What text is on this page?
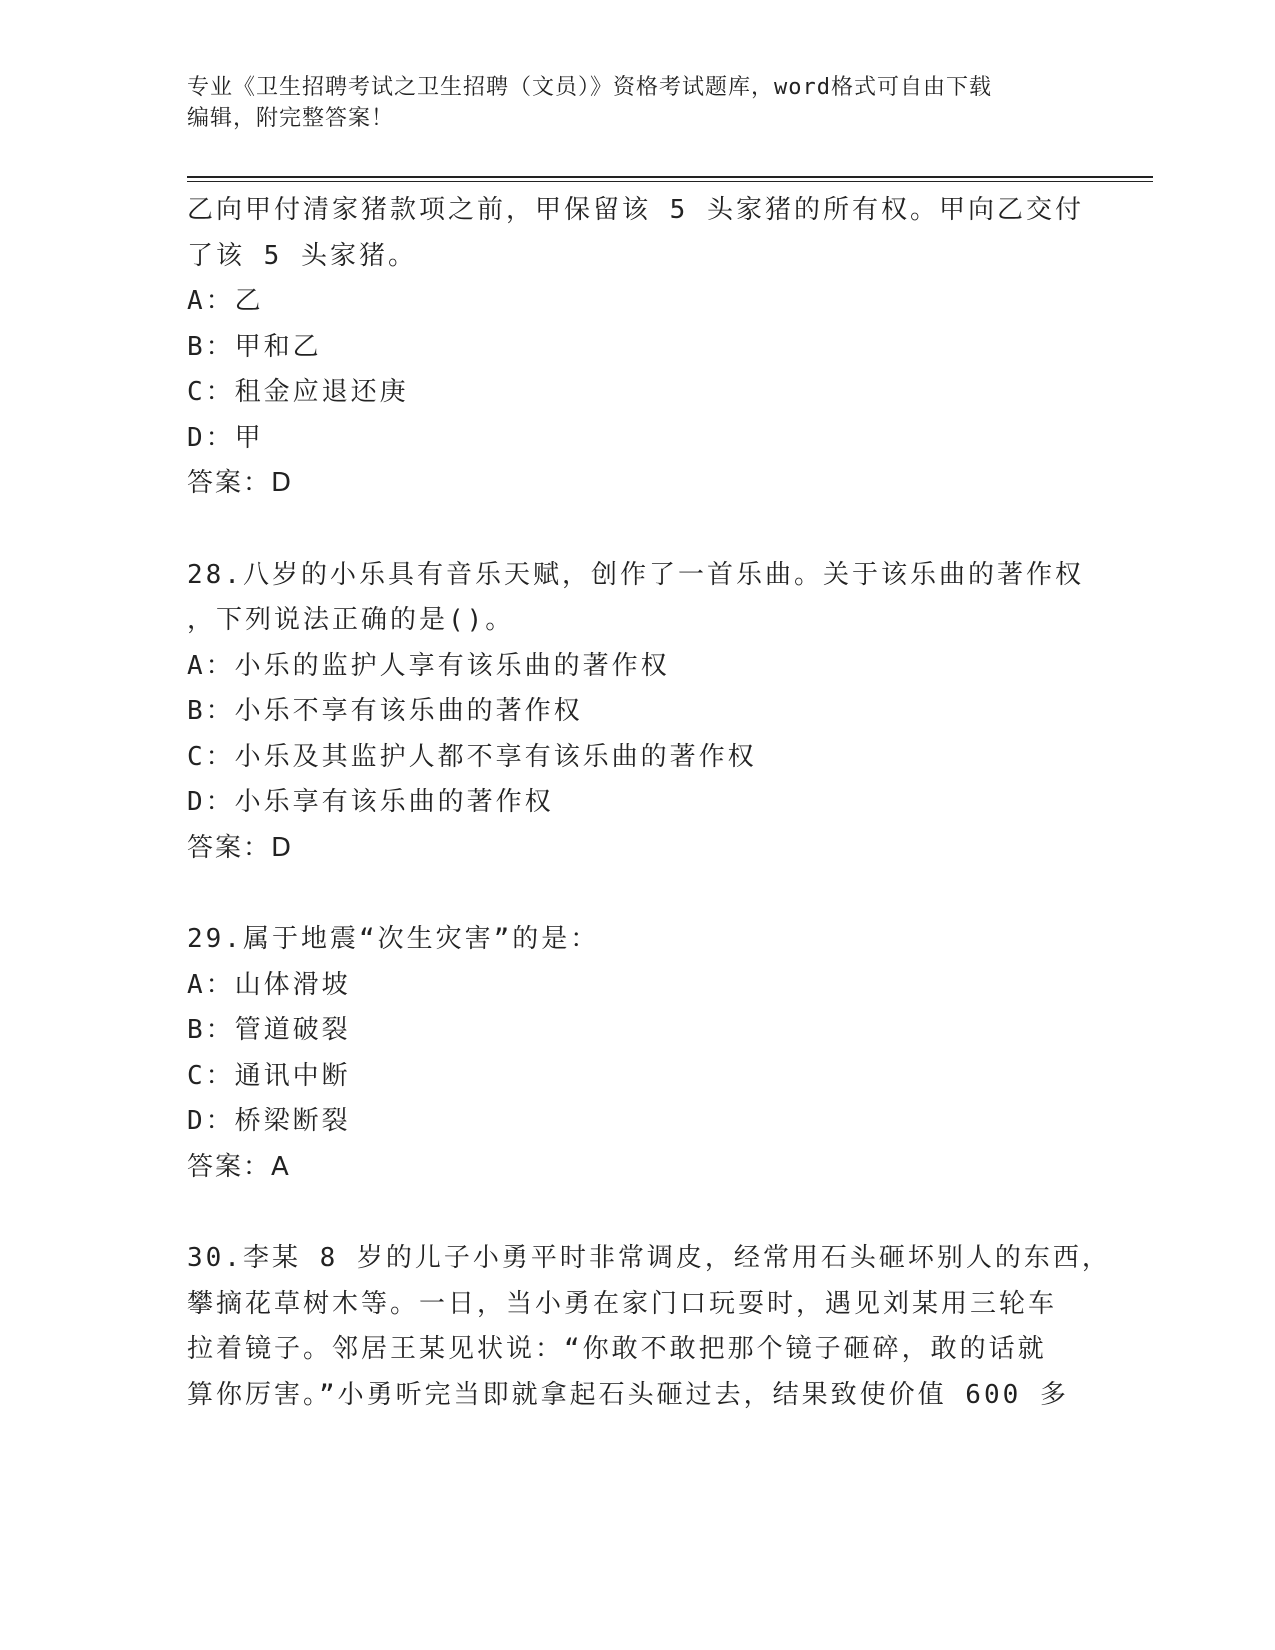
专业《卫生招聘考试之卫生招聘（文员）》资格考试题库，word格式可自由下载
编辑，附完整答案！
乙向甲付清家猪款项之前，甲保留该 5 头家猪的所有权。甲向乙交付
了该 5 头家猪。
A：乙
B：甲和乙
C：租金应退还庚
D：甲
答案：D
28.八岁的小乐具有音乐天赋，创作了一首乐曲。关于该乐曲的著作权
，下列说法正确的是()。
A：小乐的监护人享有该乐曲的著作权
B：小乐不享有该乐曲的著作权
C：小乐及其监护人都不享有该乐曲的著作权
D：小乐享有该乐曲的著作权
答案：D
29.属于地震“次生灾害”的是：
A：山体滑坡
B：管道破裂
C：通讯中断
D：桥梁断裂
答案：A
30.李某 8 岁的儿子小勇平时非常调皮，经常用石头砸坏别人的东西，
攀摘花草树木等。一日，当小勇在家门口玩耍时，遇见刘某用三轮车
拉着镜子。邻居王某见状说：“你敢不敢把那个镜子砸碎，敢的话就
算你厉害。”小勇听完当即就拿起石头砸过去，结果致使价值 600 多
